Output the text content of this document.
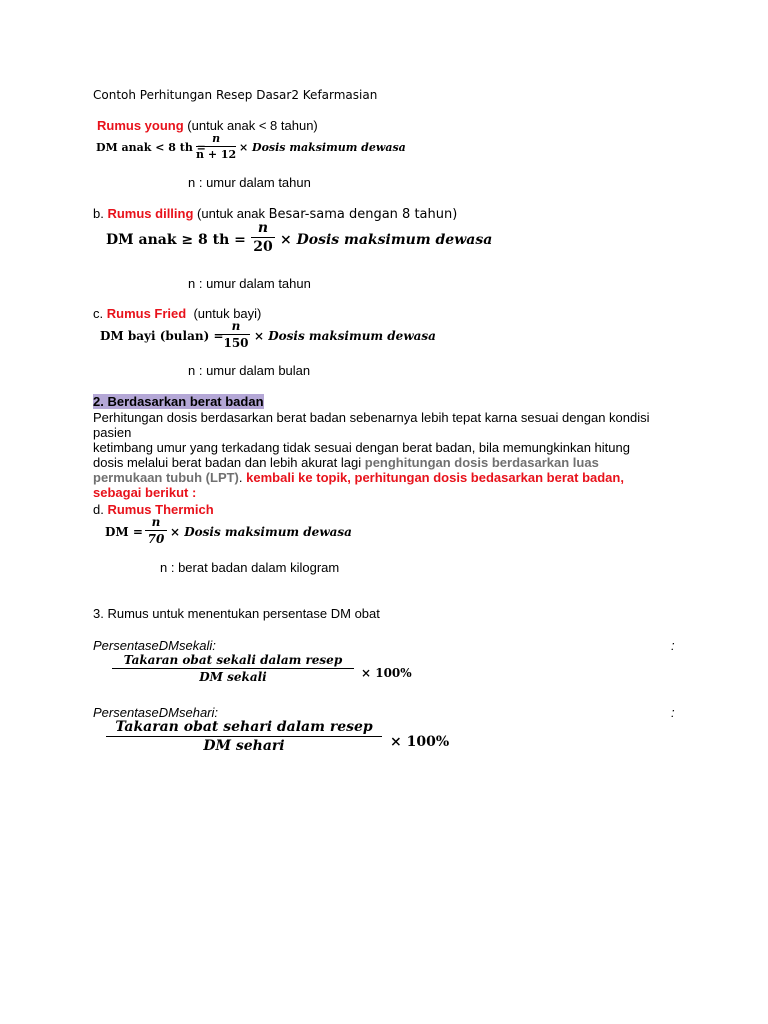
Contoh Perhitungan Resep Dasar2 Kefarmasian
Rumus young (untuk anak < 8 tahun)
DM anak < 8 th =
n
n + 12
× Dosis maksimum dewasa
n : umur dalam tahun
b. Rumus dilling (untuk anak Besar-sama dengan 8 tahun)
DM anak ≥ 8 th =
n
20 × Dosis maksimum dewasa
n : umur dalam tahun
c. Rumus Fried (untuk bayi)
DM bayi (bulan) =
n
150 × Dosis maksimum dewasa
n : umur dalam bulan
2. Berdasarkan berat badan
Perhitungan dosis berdasarkan berat badan sebenarnya lebih tepat karna sesuai dengan kondisi pasien
ketimbang umur yang terkadang tidak sesuai dengan berat badan, bila memungkinkan hitung dosis melalui berat badan dan lebih akurat lagi penghitungan dosis berdasarkan luas permukaan tubuh (LPT). kembali ke topik, perhitungan dosis bedasarkan berat badan, sebagai berikut :
d. Rumus Thermich
DM =
n
70 × Dosis maksimum dewasa
n : berat badan dalam kilogram
3. Rumus untuk menentukan persentase DM obat
PersentaseDMsekali:	:
Takaran obat sekali dalam resep
DM sekali	× 100%
PersentaseDMsehari:	:
Takaran obat sehari dalam resep
DM sehari	× 100%
